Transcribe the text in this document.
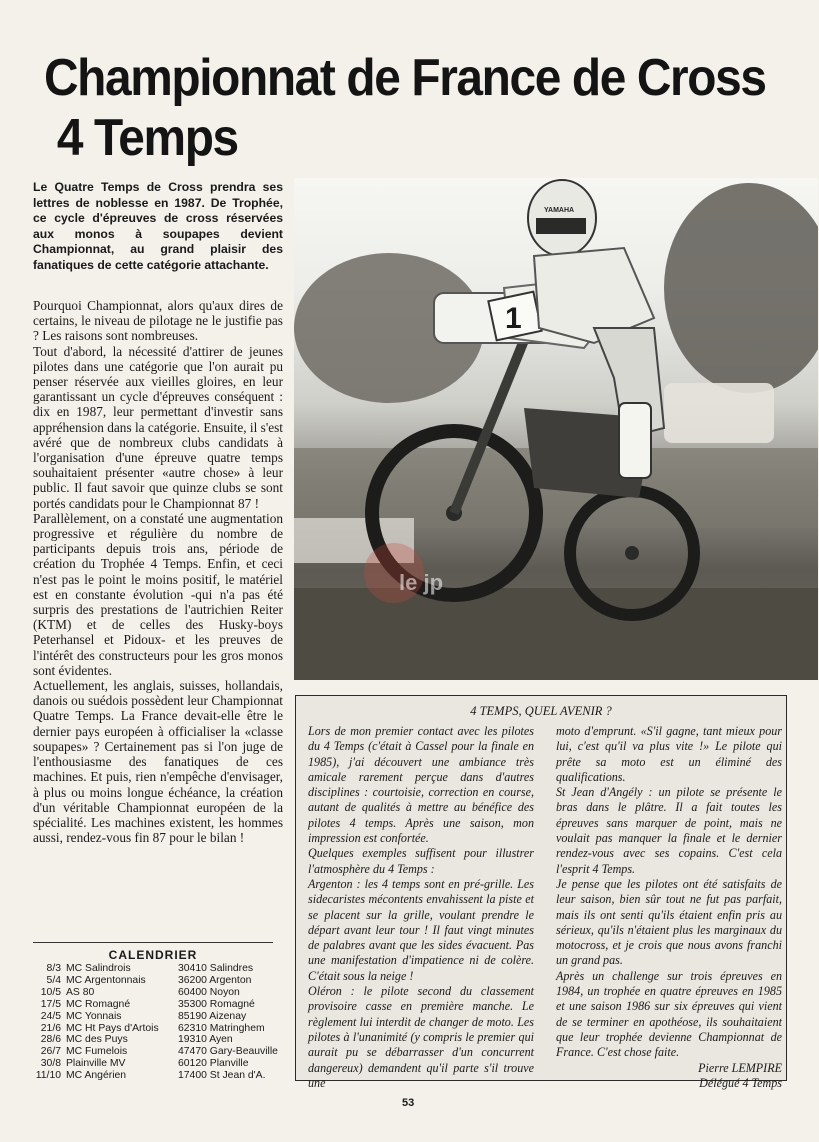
Championnat de France de Cross
4 Temps
Le Quatre Temps de Cross prendra ses lettres de noblesse en 1987. De Trophée, ce cycle d'épreuves de cross réservées aux monos à soupapes devient Championnat, au grand plaisir des fanatiques de cette catégorie attachante.

Pourquoi Championnat, alors qu'aux dires de certains, le niveau de pilotage ne le justifie pas ? Les raisons sont nombreuses.

Tout d'abord, la nécessité d'attirer de jeunes pilotes dans une catégorie que l'on aurait pu penser réservée aux vieilles gloires, en leur garantissant un cycle d'épreuves conséquent : dix en 1987, leur permettant d'investir sans appréhension dans la catégorie. Ensuite, il s'est avéré que de nombreux clubs candidats à l'organisation d'une épreuve quatre temps souhaitaient présenter «autre chose» à leur public. Il faut savoir que quinze clubs se sont portés candidats pour le Championnat 87 !

Parallèlement, on a constaté une augmentation progressive et régulière du nombre de participants depuis trois ans, période de création du Trophée 4 Temps. Enfin, et ceci n'est pas le point le moins positif, le matériel est en constante évolution -qui n'a pas été surpris des prestations de l'autrichien Reiter (KTM) et de celles des Husky-boys Peterhansel et Pidoux- et les preuves de l'intérêt des constructeurs pour les gros monos sont évidentes.

Actuellement, les anglais, suisses, hollandais, danois ou suédois possèdent leur Championnat Quatre Temps. La France devait-elle être le dernier pays européen à officialiser la «classe soupapes» ? Certainement pas si l'on juge de l'enthousiasme des fanatiques de ces machines. Et puis, rien n'empêche d'envisager, à plus ou moins longue échéance, la création d'un véritable Championnat européen de la spécialité. Les machines existent, les hommes aussi, rendez-vous fin 87 pour le bilan !

1
YAMAHA
le jp
CALENDRIER
8/3	MC Salindrois	30410 Salindres
5/4	MC Argentonnais	36200 Argenton
10/5	AS 80	60400 Noyon
17/5	MC Romagné	35300 Romagné
24/5	MC Yonnais	85190 Aizenay
21/6	MC Ht Pays d'Artois	62310 Matringhem
28/6	MC des Puys	19310 Ayen
26/7	MC Fumelois	47470 Gary-Beauville
30/8	Plainville MV	60120 Planville
11/10	MC Angérien	17400 St Jean d'A.
4 TEMPS, QUEL AVENIR ?

Lors de mon premier contact avec les pilotes du 4 Temps (c'était à Cassel pour la finale en 1985), j'ai découvert une ambiance très amicale rarement perçue dans d'autres disciplines : courtoisie, correction en course, autant de qualités à mettre au bénéfice des pilotes 4 temps. Après une saison, mon impression est confortée.

Quelques exemples suffisent pour illustrer l'atmosphère du 4 Temps :

Argenton : les 4 temps sont en pré-grille. Les sidecaristes mécontents envahissent la piste et se placent sur la grille, voulant prendre le départ avant leur tour ! Il faut vingt minutes de palabres avant que les sides évacuent. Pas une manifestation d'impatience ni de colère. C'était sous la neige !

Oléron : le pilote second du classement provisoire casse en première manche. Le règlement lui interdit de changer de moto. Les pilotes à l'unanimité (y compris le premier qui aurait pu se débarrasser d'un concurrent dangereux) demandent qu'il parte s'il trouve une

moto d'emprunt. «S'il gagne, tant mieux pour lui, c'est qu'il va plus vite !» Le pilote qui prête sa moto est un éliminé des qualifications.

St Jean d'Angély : un pilote se présente le bras dans le plâtre. Il a fait toutes les épreuves sans marquer de point, mais ne voulait pas manquer la finale et le dernier rendez-vous avec ses copains. C'est cela l'esprit 4 Temps.

Je pense que les pilotes ont été satisfaits de leur saison, bien sûr tout ne fut pas parfait, mais ils ont senti qu'ils étaient enfin pris au sérieux, qu'ils n'étaient plus les marginaux du motocross, et je crois que nous avons franchi un grand pas.

Après un challenge sur trois épreuves en 1984, un trophée en quatre épreuves en 1985 et une saison 1986 sur six épreuves qui vient de se terminer en apothéose, ils souhaitaient que leur trophée devienne Championnat de France. C'est chose faite.

Pierre LEMPIRE

Délégué 4 Temps

53
